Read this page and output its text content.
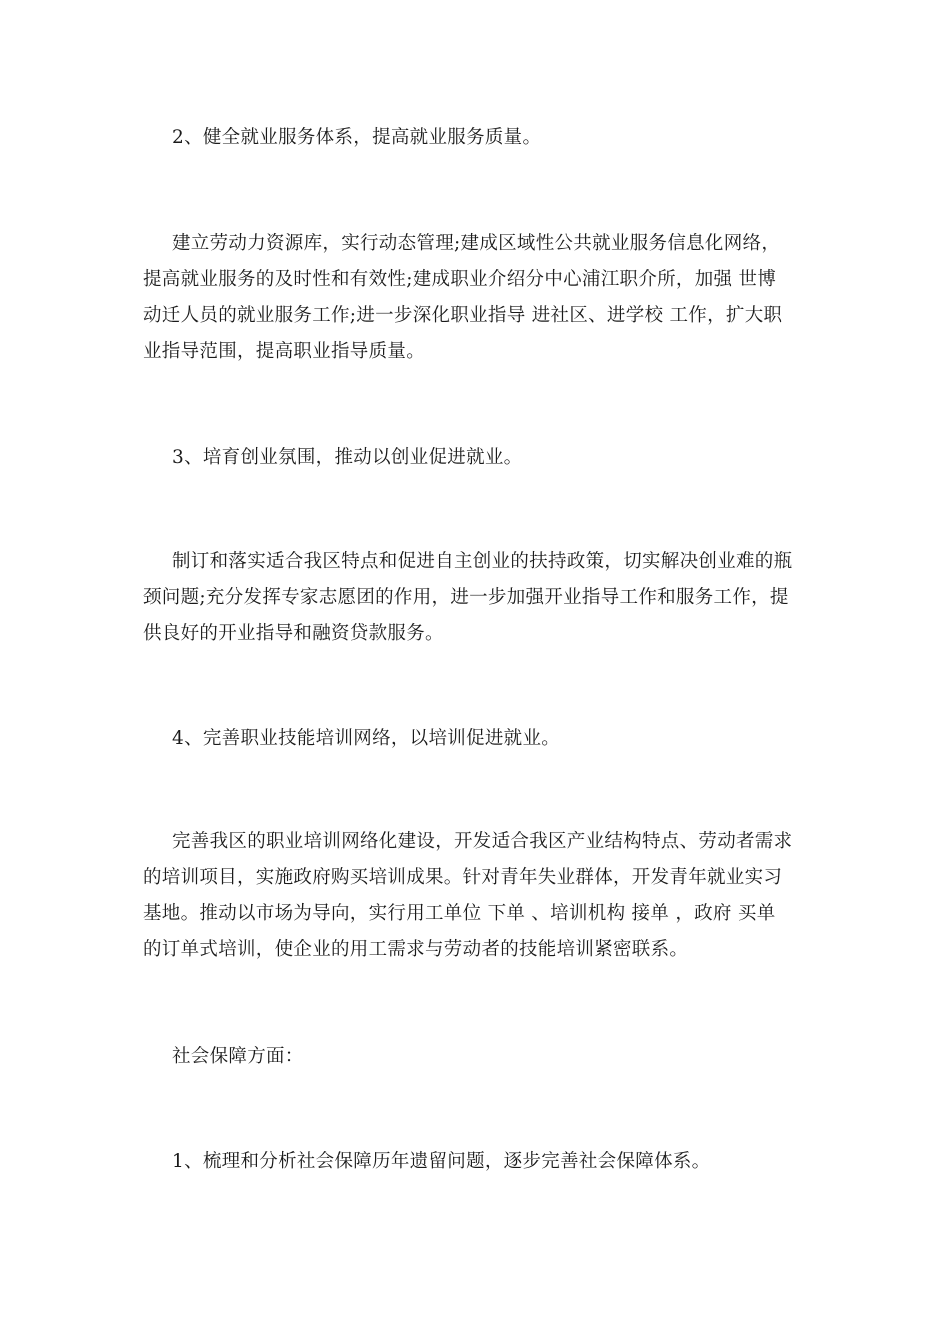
2、健全就业服务体系，提高就业服务质量。
建立劳动力资源库，实行动态管理;建成区域性公共就业服务信息化网络，
提高就业服务的及时性和有效性;建成职业介绍分中心浦江职介所，加强 世博
动迁人员的就业服务工作;进一步深化职业指导 进社区、进学校 工作，扩大职
业指导范围，提高职业指导质量。
3、培育创业氛围，推动以创业促进就业。
制订和落实适合我区特点和促进自主创业的扶持政策，切实解决创业难的瓶
颈问题;充分发挥专家志愿团的作用，进一步加强开业指导工作和服务工作，提
供良好的开业指导和融资贷款服务。
4、完善职业技能培训网络，以培训促进就业。
完善我区的职业培训网络化建设，开发适合我区产业结构特点、劳动者需求
的培训项目，实施政府购买培训成果。针对青年失业群体，开发青年就业实习
基地。推动以市场为导向，实行用工单位 下单 、培训机构 接单 ，政府 买单
的订单式培训，使企业的用工需求与劳动者的技能培训紧密联系。
社会保障方面：
1、梳理和分析社会保障历年遗留问题，逐步完善社会保障体系。
